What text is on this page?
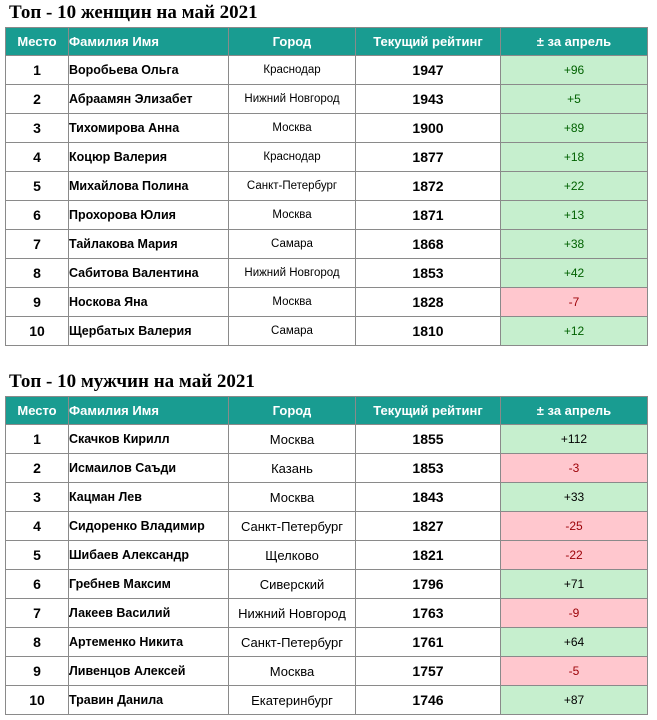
Топ - 10 женщин на май 2021
Место	Фамилия Имя	Город	Текущий рейтинг	± за апрель
1	Воробьева Ольга	Краснодар	1947	+96
2	Абраамян Элизабет	Нижний Новгород	1943	+5
3	Тихомирова Анна	Москва	1900	+89
4	Коцюр Валерия	Краснодар	1877	+18
5	Михайлова Полина	Санкт-Петербург	1872	+22
6	Прохорова Юлия	Москва	1871	+13
7	Тайлакова Мария	Самара	1868	+38
8	Сабитова Валентина	Нижний Новгород	1853	+42
9	Носкова Яна	Москва	1828	-7
10	Щербатых Валерия	Самара	1810	+12
Топ - 10 мужчин на май 2021
Место	Фамилия Имя	Город	Текущий рейтинг	± за апрель
1	Скачков Кирилл	Москва	1855	+112
2	Исмаилов Саъди	Казань	1853	-3
3	Кацман Лев	Москва	1843	+33
4	Сидоренко Владимир	Санкт-Петербург	1827	-25
5	Шибаев Александр	Щелково	1821	-22
6	Гребнев Максим	Сиверский	1796	+71
7	Лакеев Василий	Нижний Новгород	1763	-9
8	Артеменко Никита	Санкт-Петербург	1761	+64
9	Ливенцов Алексей	Москва	1757	-5
10	Травин Данила	Екатеринбург	1746	+87
